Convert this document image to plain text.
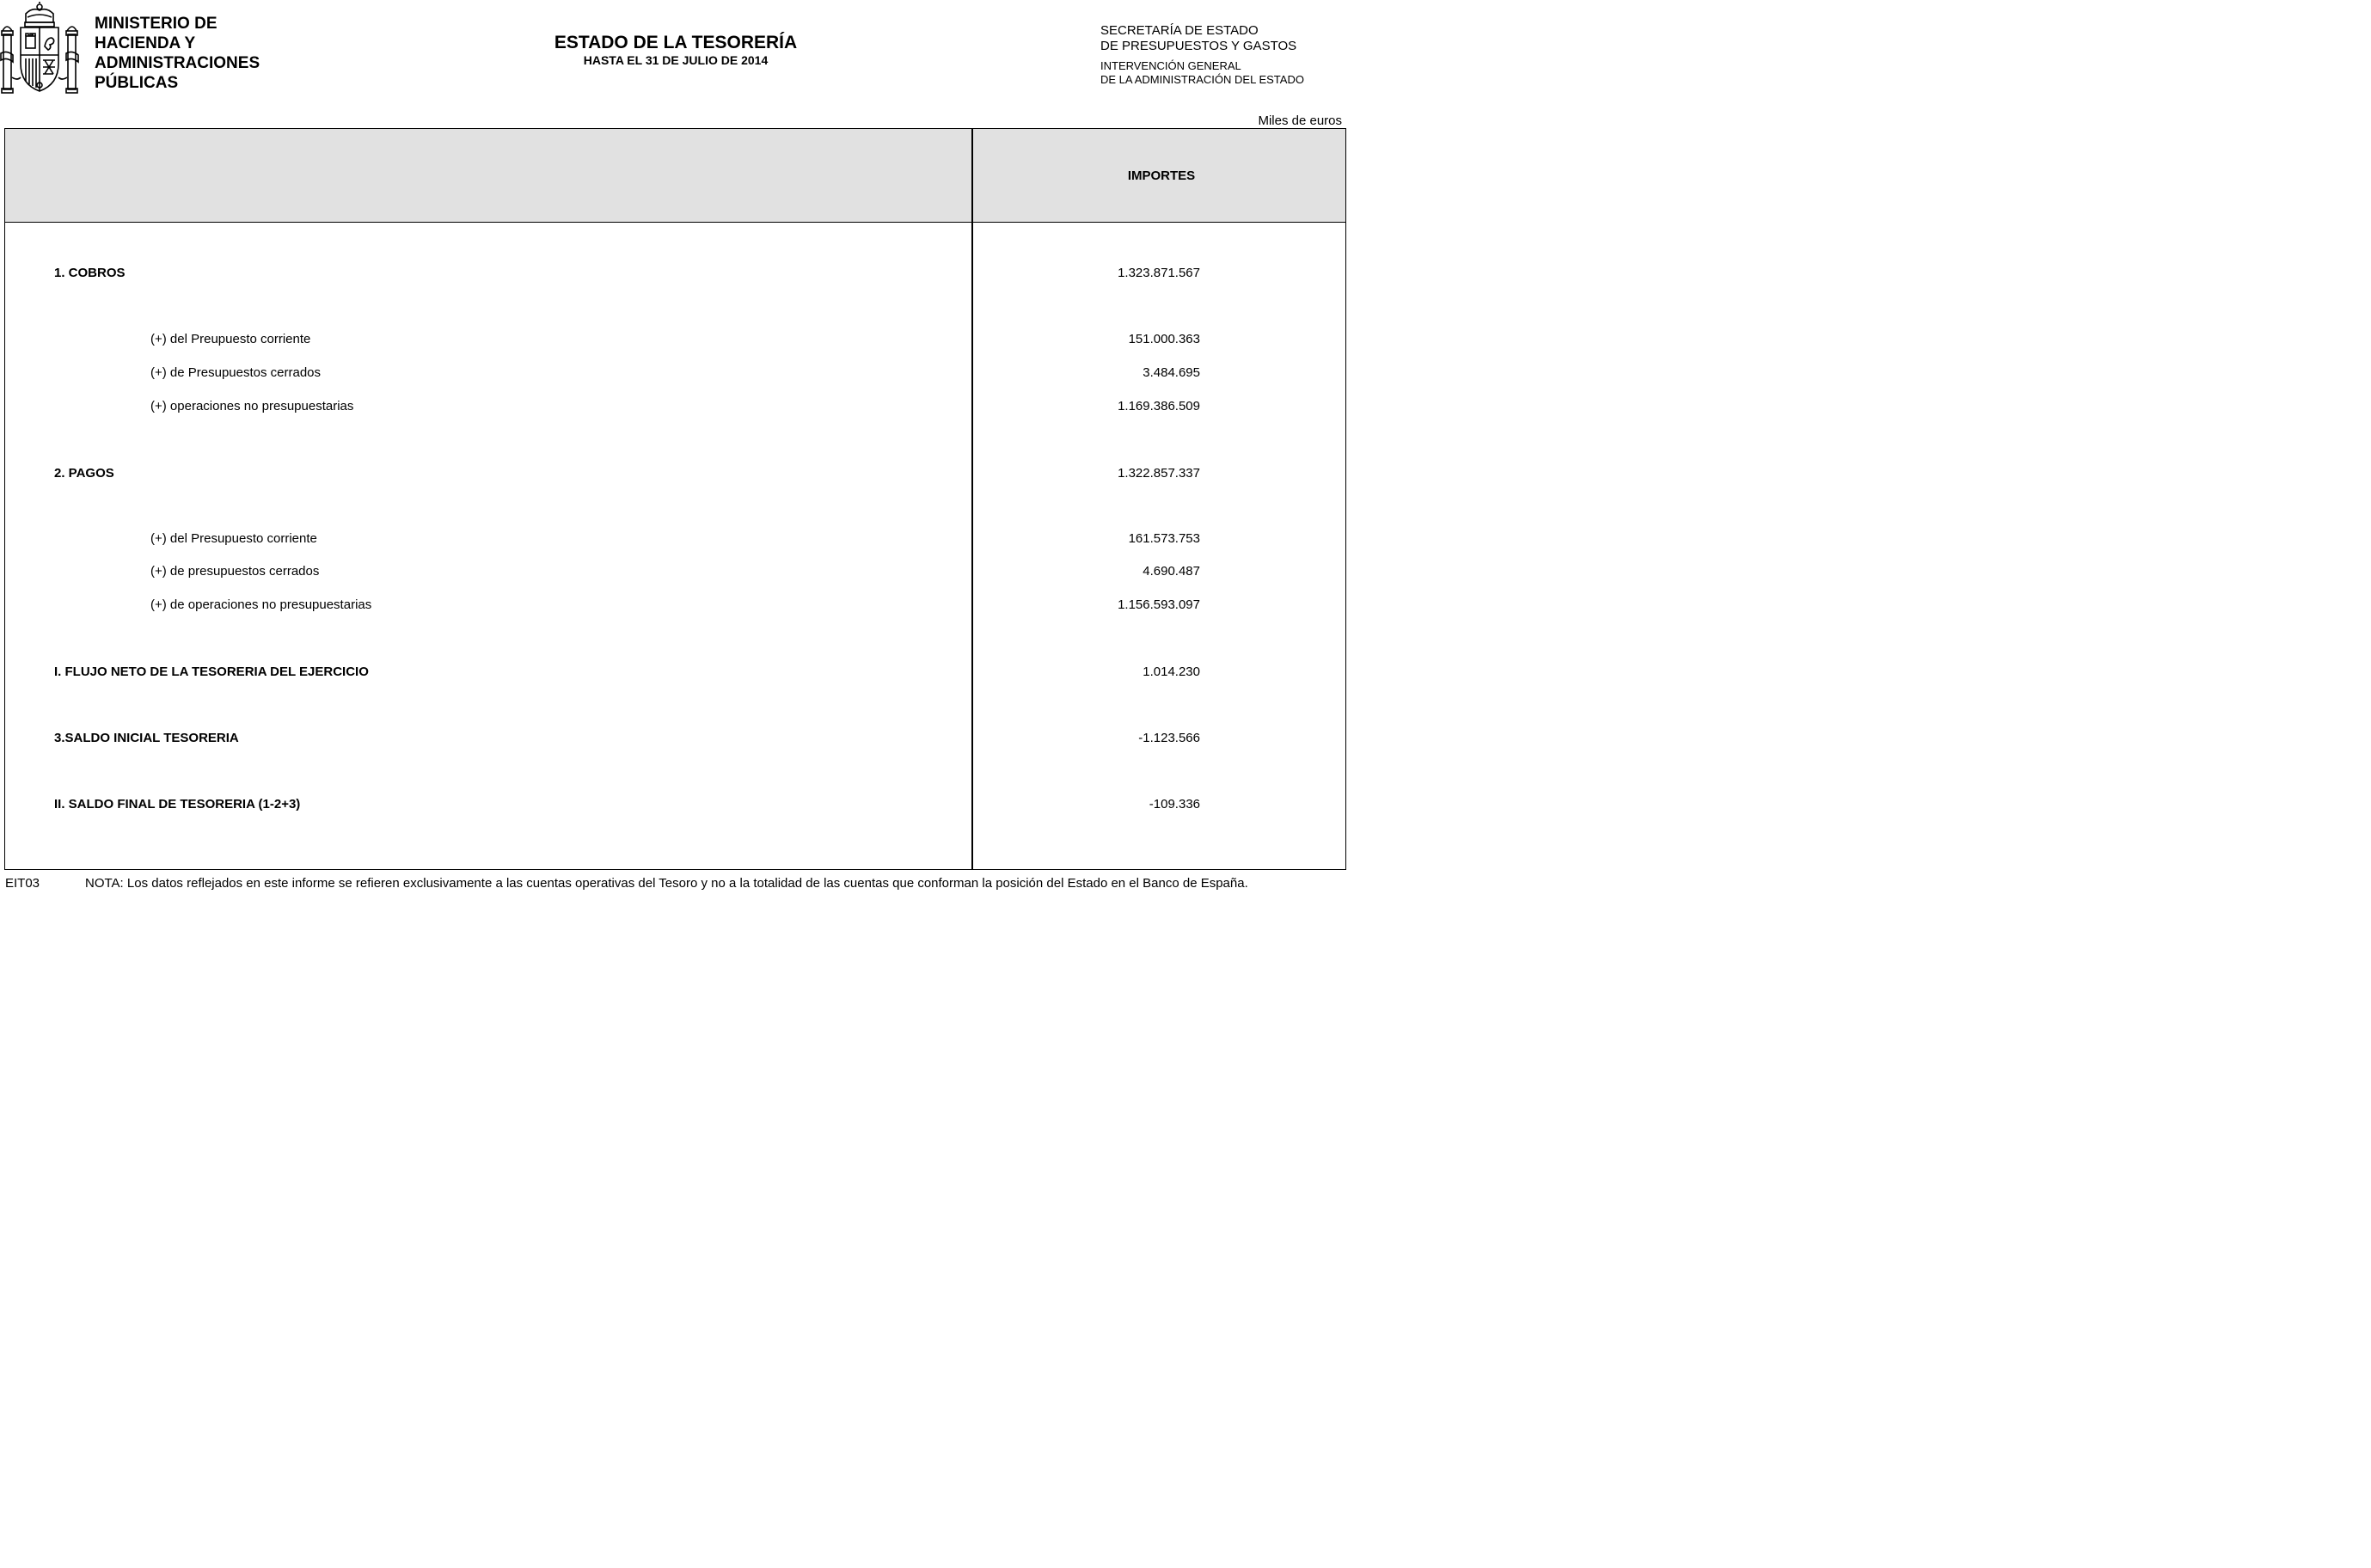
MINISTERIO DE
HACIENDA Y
ADMINISTRACIONES
PÚBLICAS
ESTADO DE LA TESORERÍA
HASTA EL 31 DE JULIO DE 2014
SECRETARÍA DE ESTADO
DE PRESUPUESTOS Y GASTOS
INTERVENCIÓN GENERAL
DE LA ADMINISTRACIÓN DEL ESTADO
Miles de euros
IMPORTES
1. COBROS	1.323.871.567
(+) del Preupuesto corriente	151.000.363
(+) de Presupuestos cerrados	3.484.695
(+) operaciones no presupuestarias	1.169.386.509
2. PAGOS	1.322.857.337
(+) del Presupuesto corriente	161.573.753
(+) de presupuestos cerrados	4.690.487
(+) de operaciones no presupuestarias	1.156.593.097
I. FLUJO NETO DE LA TESORERIA DEL EJERCICIO	1.014.230
3.SALDO INICIAL TESORERIA	-1.123.566
II. SALDO FINAL DE TESORERIA (1-2+3)	-109.336
EIT03	NOTA: Los datos reflejados en este informe se refieren exclusivamente a las cuentas operativas del Tesoro y no a la totalidad de las cuentas que conforman la posición del Estado en el Banco de España.
